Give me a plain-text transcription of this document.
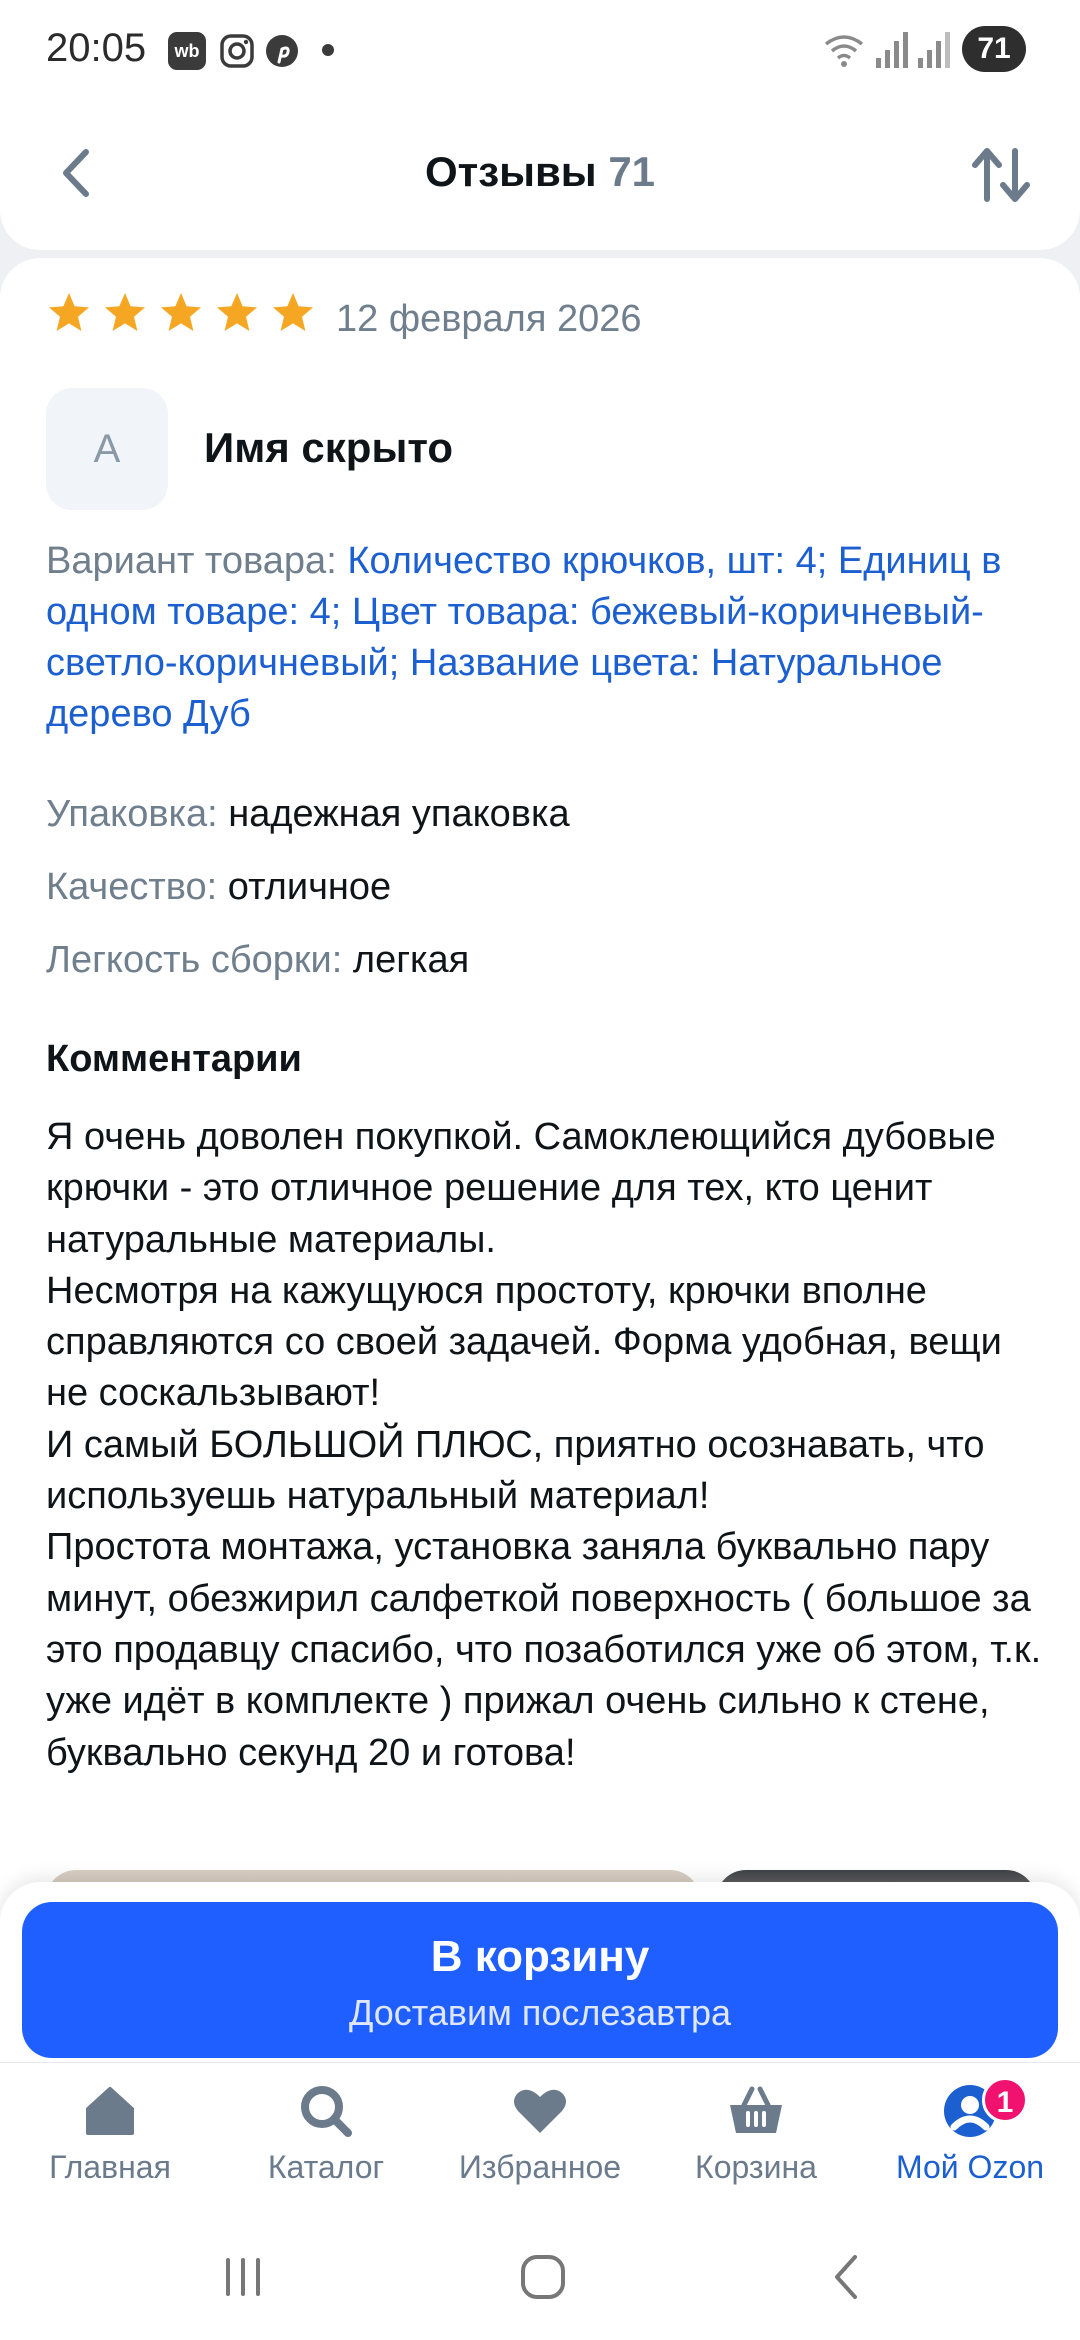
20:05	wb	71
Отзывы 71
12 февраля 2026
А	Имя скрыто
Вариант товара: Количество крючков, шт: 4; Единиц в одном товаре: 4; Цвет товара: бежевый-коричневый-светло-коричневый; Название цвета: Натуральное дерево Дуб
Упаковка: надежная упаковка
Качество: отличное
Легкость сборки: легкая
Комментарии
Я очень доволен покупкой. Самоклеющийся дубовые крючки - это отличное решение для тех, кто ценит натуральные материалы.
Несмотря на кажущуюся простоту, крючки вполне справляются со своей задачей. Форма удобная, вещи не соскальзывают!
И самый БОЛЬШОЙ ПЛЮС, приятно осознавать, что используешь натуральный материал!
Простота монтажа, установка заняла буквально пару минут, обезжирил салфеткой поверхность ( большое за это продавцу спасибо, что позаботился уже об этом, т.к. уже идёт в комплекте ) прижал очень сильно к стене, буквально секунд 20 и готова!
В корзину
Доставим послезавтра
Главная	Каталог	Избранное	Корзина
1
Мой Ozon
